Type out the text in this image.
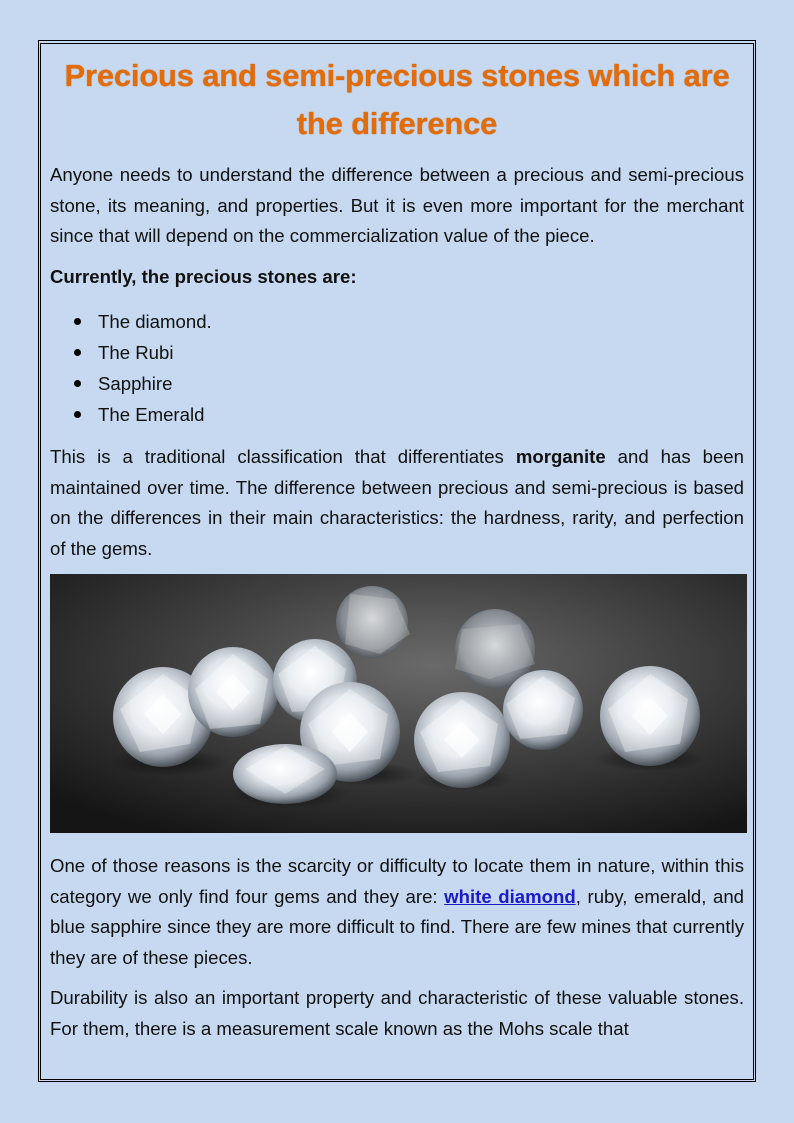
Precious and semi-precious stones which are the difference

Anyone needs to understand the difference between a precious and semi-precious stone, its meaning, and properties. But it is even more important for the merchant since that will depend on the commercialization value of the piece.

Currently, the precious stones are:

The diamond.
The Rubi
Sapphire
The Emerald

This is a traditional classification that differentiates morganite and has been maintained over time. The difference between precious and semi-precious is based on the differences in their main characteristics: the hardness, rarity, and perfection of the gems.

One of those reasons is the scarcity or difficulty to locate them in nature, within this category we only find four gems and they are: white diamond, ruby, emerald, and blue sapphire since they are more difficult to find. There are few mines that currently they are of these pieces.

Durability is also an important property and characteristic of these valuable stones. For them, there is a measurement scale known as the Mohs scale that
